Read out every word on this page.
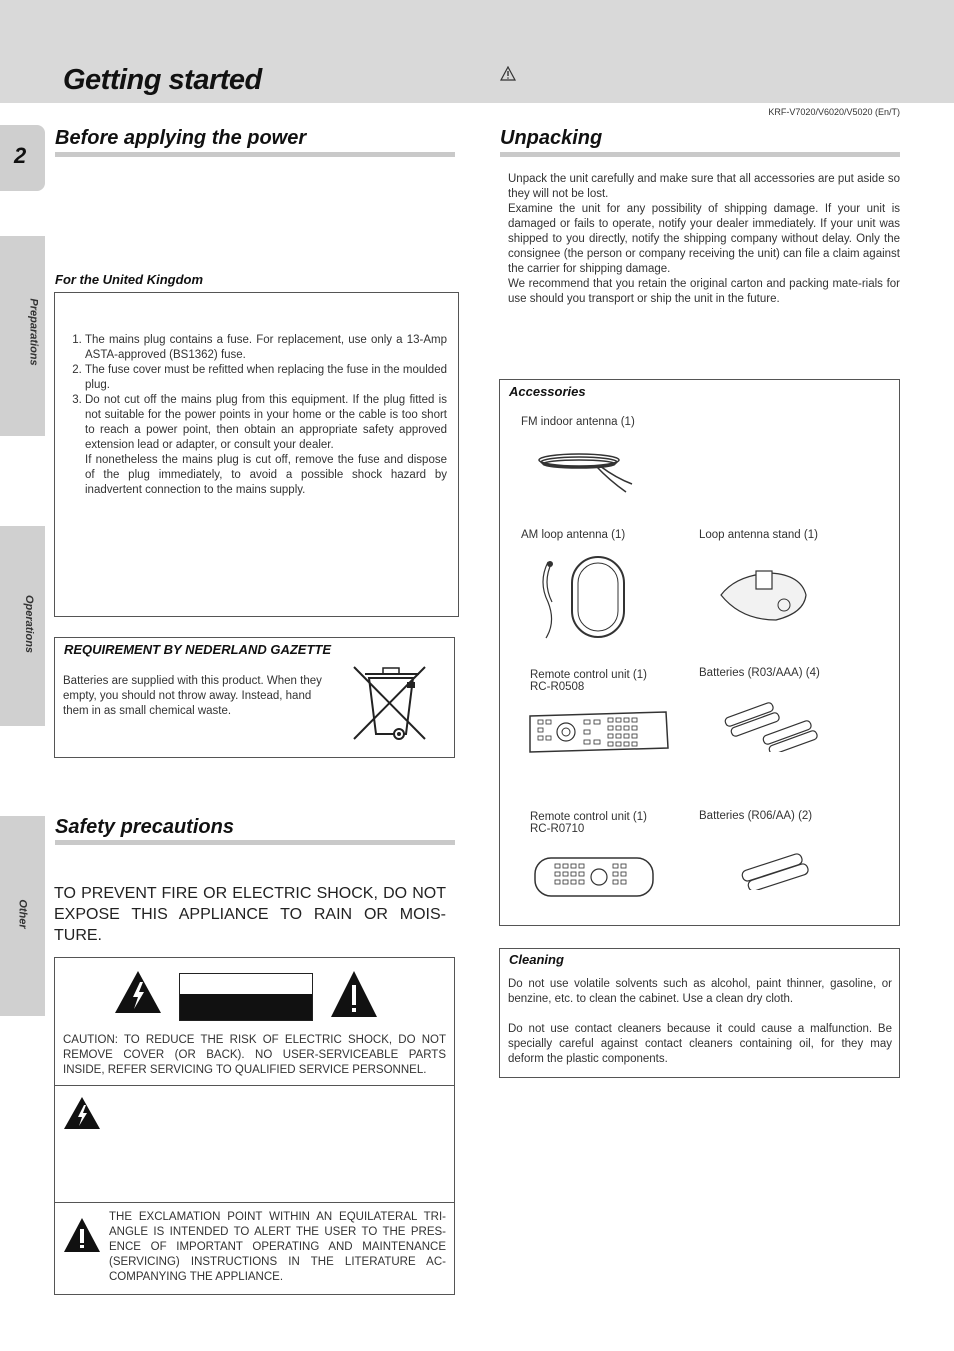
Getting started
KRF-V7020/V6020/V5020 (En/T)
2
Preparations
Operations
Other
Before applying the power
For the United Kingdom
1. The mains plug contains a fuse. For replacement, use only a 13-Amp ASTA-approved (BS1362) fuse.
2. The fuse cover must be refitted when replacing the fuse in the moulded plug.
3. Do not cut off the mains plug from this equipment. If the plug fitted is not suitable for the power points in your home or the cable is too short to reach a power point, then obtain an appropriate safety approved extension lead or adapter, or consult your dealer.
If nonetheless the mains plug is cut off, remove the fuse and dispose of the plug immediately, to avoid a possible shock hazard by inadvertent connection to the mains supply.
REQUIREMENT BY NEDERLAND GAZETTE
Batteries are supplied with this product. When they empty, you should not throw away. Instead, hand them in as small chemical waste.
Safety precautions
TO PREVENT FIRE OR ELECTRIC SHOCK, DO NOT EXPOSE THIS APPLIANCE TO RAIN OR MOIS-TURE.
CAUTION: TO REDUCE THE RISK OF ELECTRIC SHOCK, DO NOT REMOVE COVER (OR BACK). NO USER-SERVICEABLE PARTS INSIDE, REFER SERVICING TO QUALIFIED SERVICE PERSONNEL.
THE EXCLAMATION POINT WITHIN AN EQUILATERAL TRI-ANGLE IS INTENDED TO ALERT THE USER TO THE PRES-ENCE OF IMPORTANT OPERATING AND MAINTENANCE (SERVICING) INSTRUCTIONS IN THE LITERATURE AC-COMPANYING THE APPLIANCE.
Unpacking
Unpack the unit carefully and make sure that all accessories are put aside so they will not be lost.
Examine the unit for any possibility of shipping damage. If your unit is damaged or fails to operate, notify your dealer immediately. If your unit was shipped to you directly, notify the shipping company without delay. Only the consignee (the person or company receiving the unit) can file a claim against the carrier for shipping damage.
We recommend that you retain the original carton and packing mate-rials for use should you transport or ship the unit in the future.
Accessories
FM indoor antenna (1)
AM loop antenna (1)	Loop antenna stand (1)
Remote control unit (1)
RC-R0508
Batteries (R03/AAA) (4)
Remote control unit (1)
RC-R0710
Batteries (R06/AA) (2)
Cleaning
Do not use volatile solvents such as alcohol, paint thinner, gasoline, or benzine, etc. to clean the cabinet. Use a clean dry cloth.
Do not use contact cleaners because it could cause a malfunction. Be specially careful against contact cleaners containing oil, for they may deform the plastic components.
